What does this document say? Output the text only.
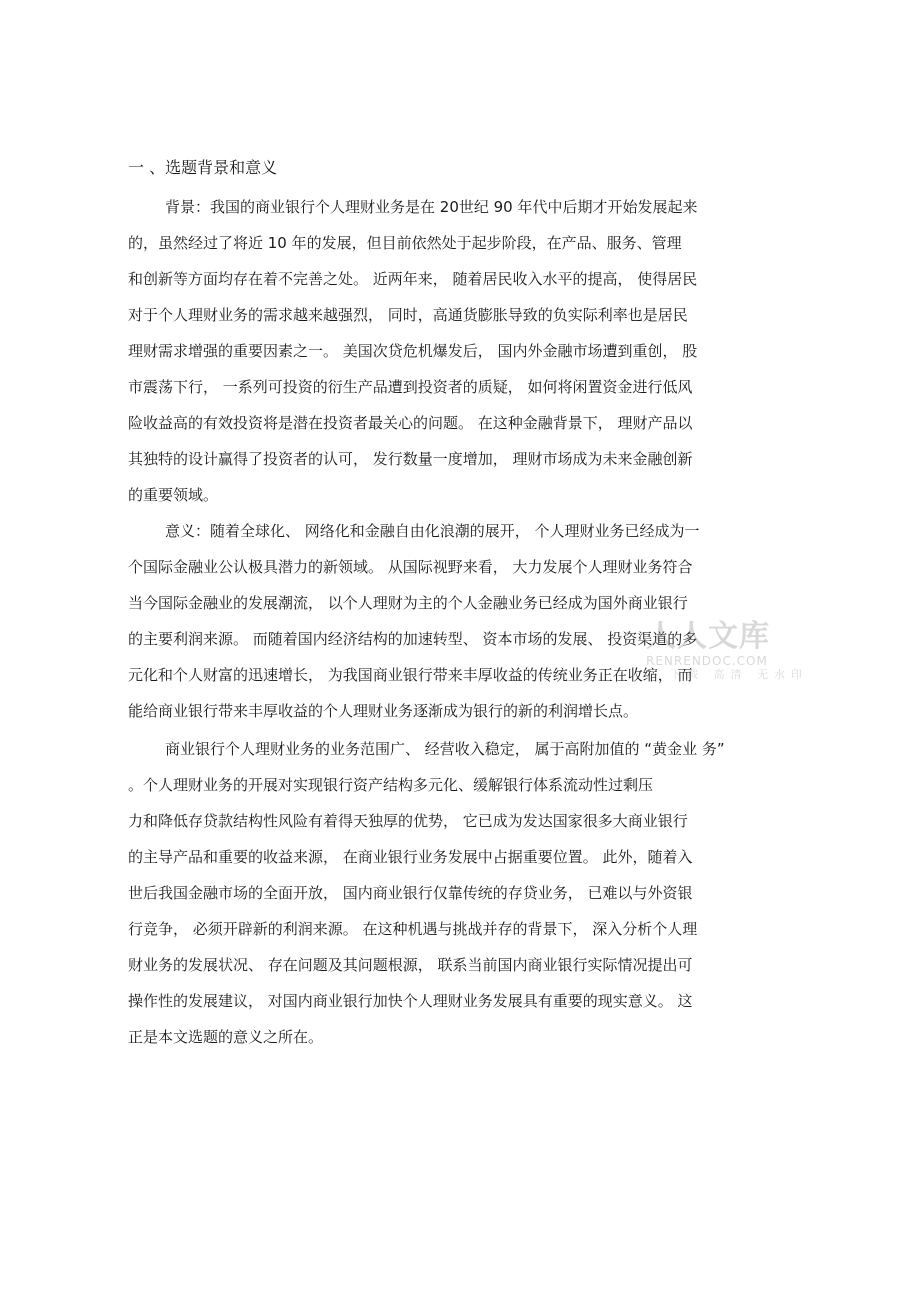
一 、选题背景和意义
背景：我国的商业银行个人理财业务是在 20世纪 90 年代中后期才开始发展起来
的，虽然经过了将近 10 年的发展，但目前依然处于起步阶段，在产品、服务、管理
和创新等方面均存在着不完善之处。 近两年来， 随着居民收入水平的提高， 使得居民
对于个人理财业务的需求越来越强烈， 同时，高通货膨胀导致的负实际利率也是居民
理财需求增强的重要因素之一。 美国次贷危机爆发后， 国内外金融市场遭到重创， 股
市震荡下行， 一系列可投资的衍生产品遭到投资者的质疑， 如何将闲置资金进行低风
险收益高的有效投资将是潜在投资者最关心的问题。 在这种金融背景下， 理财产品以
其独特的设计赢得了投资者的认可， 发行数量一度增加， 理财市场成为未来金融创新
的重要领域。
意义：随着全球化、 网络化和金融自由化浪潮的展开， 个人理财业务已经成为一
个国际金融业公认极具潜力的新领域。 从国际视野来看， 大力发展个人理财业务符合
当今国际金融业的发展潮流， 以个人理财为主的个人金融业务已经成为国外商业银行
的主要利润来源。 而随着国内经济结构的加速转型、 资本市场的发展、 投资渠道的多
元化和个人财富的迅速增长， 为我国商业银行带来丰厚收益的传统业务正在收缩， 而
能给商业银行带来丰厚收益的个人理财业务逐渐成为银行的新的利润增长点。
商业银行个人理财业务的业务范围广、 经营收入稳定， 属于高附加值的 “黄金业 务”
。个人理财业务的开展对实现银行资产结构多元化、缓解银行体系流动性过剩压
力和降低存贷款结构性风险有着得天独厚的优势， 它已成为发达国家很多大商业银行
的主导产品和重要的收益来源， 在商业银行业务发展中占据重要位置。 此外，随着入
世后我国金融市场的全面开放， 国内商业银行仅靠传统的存贷业务， 已难以与外资银
行竞争， 必须开辟新的利润来源。 在这种机遇与挑战并存的背景下， 深入分析个人理
财业务的发展状况、 存在问题及其问题根源， 联系当前国内商业银行实际情况提出可
操作性的发展建议， 对国内商业银行加快个人理财业务发展具有重要的现实意义。 这
正是本文选题的意义之所在。
人人文库
RENRENDOC.COM
下载 高清 无水印
